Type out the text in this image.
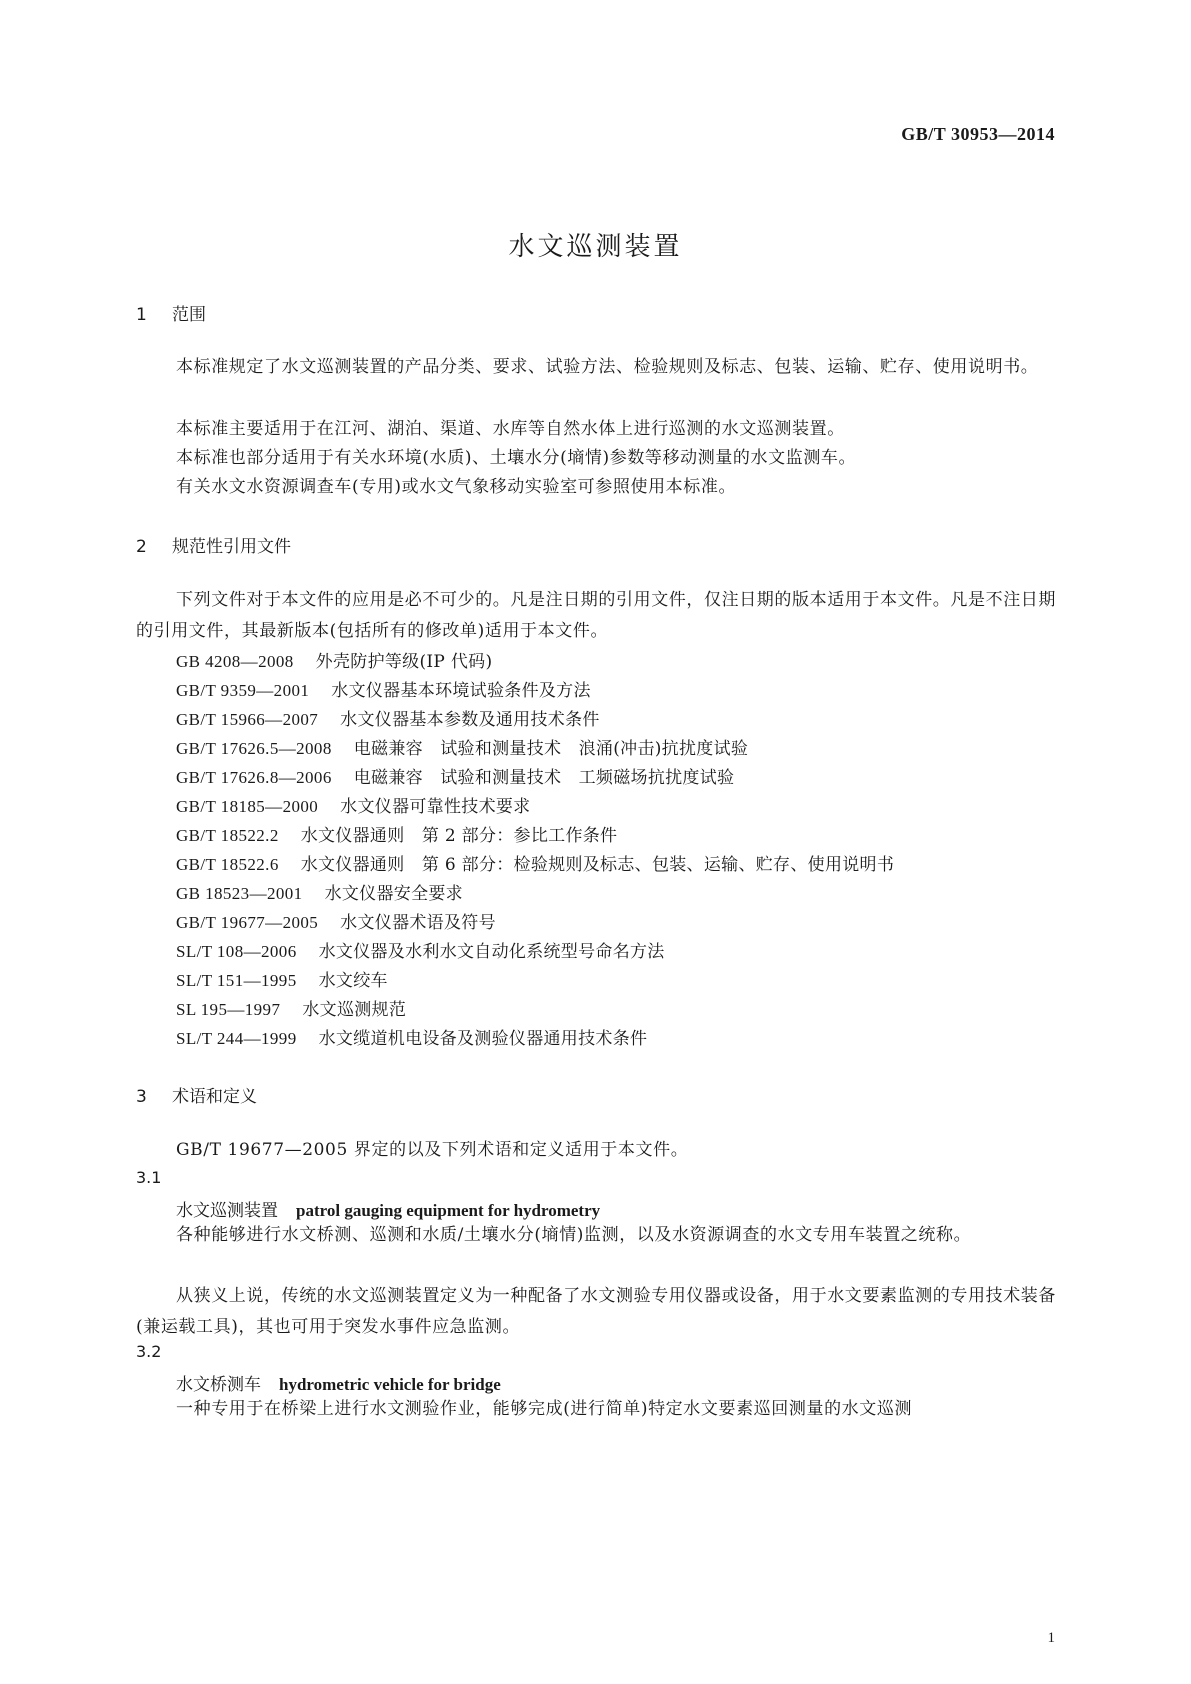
GB/T 30953—2014
水文巡测装置
1 范围

本标准规定了水文巡测装置的产品分类、要求、试验方法、检验规则及标志、包装、运输、贮存、使用说明书。

本标准主要适用于在江河、湖泊、渠道、水库等自然水体上进行巡测的水文巡测装置。

本标准也部分适用于有关水环境(水质)、土壤水分(墒情)参数等移动测量的水文监测车。

有关水文水资源调查车(专用)或水文气象移动实验室可参照使用本标准。

2 规范性引用文件

下列文件对于本文件的应用是必不可少的。凡是注日期的引用文件，仅注日期的版本适用于本文件。凡是不注日期的引用文件，其最新版本(包括所有的修改单)适用于本文件。

GB 4208—2008 外壳防护等级(IP 代码)
GB/T 9359—2001 水文仪器基本环境试验条件及方法
GB/T 15966—2007 水文仪器基本参数及通用技术条件
GB/T 17626.5—2008 电磁兼容　试验和测量技术　浪涌(冲击)抗扰度试验
GB/T 17626.8—2006 电磁兼容　试验和测量技术　工频磁场抗扰度试验
GB/T 18185—2000 水文仪器可靠性技术要求
GB/T 18522.2 水文仪器通则　第 2 部分：参比工作条件
GB/T 18522.6 水文仪器通则　第 6 部分：检验规则及标志、包装、运输、贮存、使用说明书
GB 18523—2001 水文仪器安全要求
GB/T 19677—2005 水文仪器术语及符号
SL/T 108—2006 水文仪器及水利水文自动化系统型号命名方法
SL/T 151—1995 水文绞车
SL 195—1997 水文巡测规范
SL/T 244—1999 水文缆道机电设备及测验仪器通用技术条件
3 术语和定义

GB/T 19677—2005 界定的以及下列术语和定义适用于本文件。

3.1
水文巡测装置 patrol gauging equipment for hydrometry

各种能够进行水文桥测、巡测和水质/土壤水分(墒情)监测，以及水资源调查的水文专用车装置之统称。

从狭义上说，传统的水文巡测装置定义为一种配备了水文测验专用仪器或设备，用于水文要素监测的专用技术装备(兼运载工具)，其也可用于突发水事件应急监测。

3.2
水文桥测车 hydrometric vehicle for bridge

一种专用于在桥梁上进行水文测验作业，能够完成(进行简单)特定水文要素巡回测量的水文巡测

1
